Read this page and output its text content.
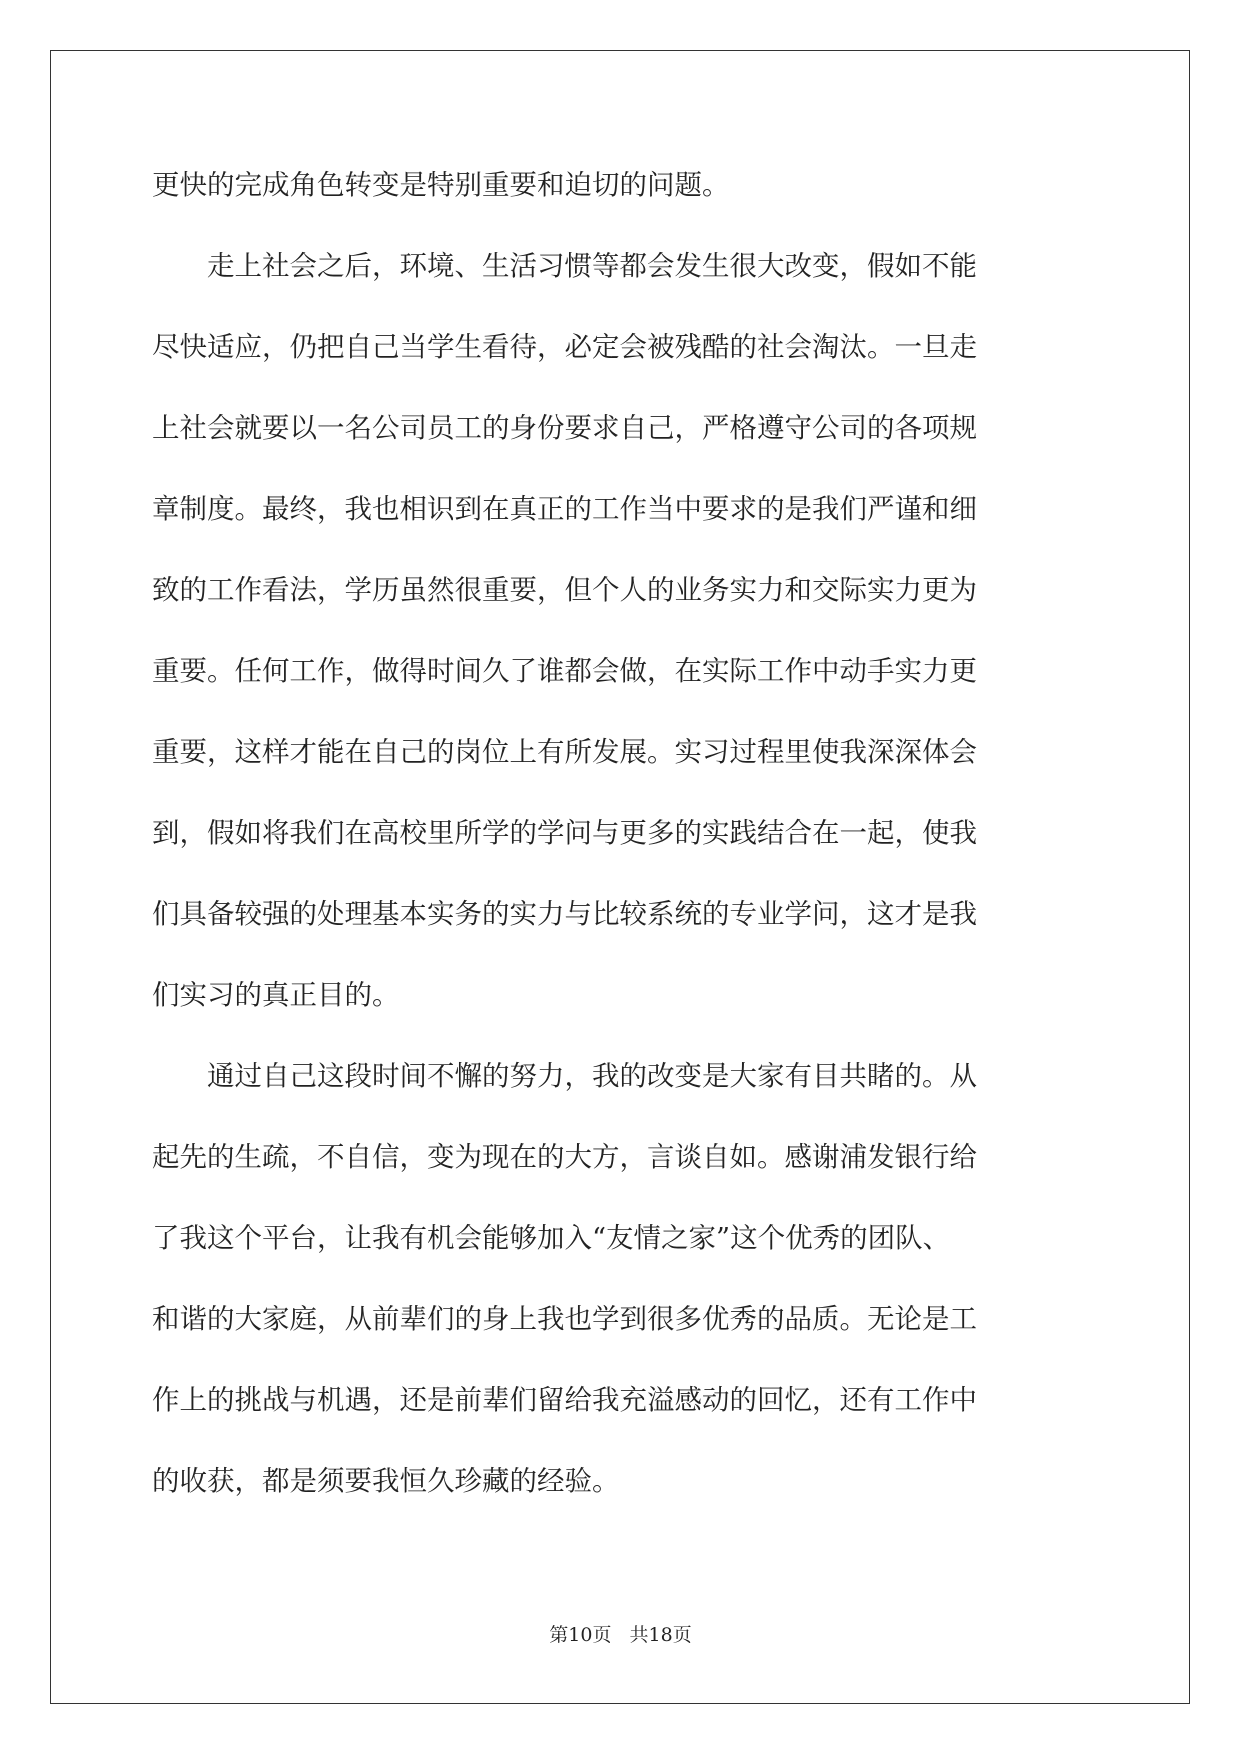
更快的完成角色转变是特别重要和迫切的问题。
走上社会之后，环境、生活习惯等都会发生很大改变，假如不能
尽快适应，仍把自己当学生看待，必定会被残酷的社会淘汰。一旦走
上社会就要以一名公司员工的身份要求自己，严格遵守公司的各项规
章制度。最终，我也相识到在真正的工作当中要求的是我们严谨和细
致的工作看法，学历虽然很重要，但个人的业务实力和交际实力更为
重要。任何工作，做得时间久了谁都会做，在实际工作中动手实力更
重要，这样才能在自己的岗位上有所发展。实习过程里使我深深体会
到，假如将我们在高校里所学的学问与更多的实践结合在一起，使我
们具备较强的处理基本实务的实力与比较系统的专业学问，这才是我
们实习的真正目的。
通过自己这段时间不懈的努力，我的改变是大家有目共睹的。从
起先的生疏，不自信，变为现在的大方，言谈自如。感谢浦发银行给
了我这个平台，让我有机会能够加入“友情之家”这个优秀的团队、
和谐的大家庭，从前辈们的身上我也学到很多优秀的品质。无论是工
作上的挑战与机遇，还是前辈们留给我充溢感动的回忆，还有工作中
的收获，都是须要我恒久珍藏的经验。
第10页 共18页
